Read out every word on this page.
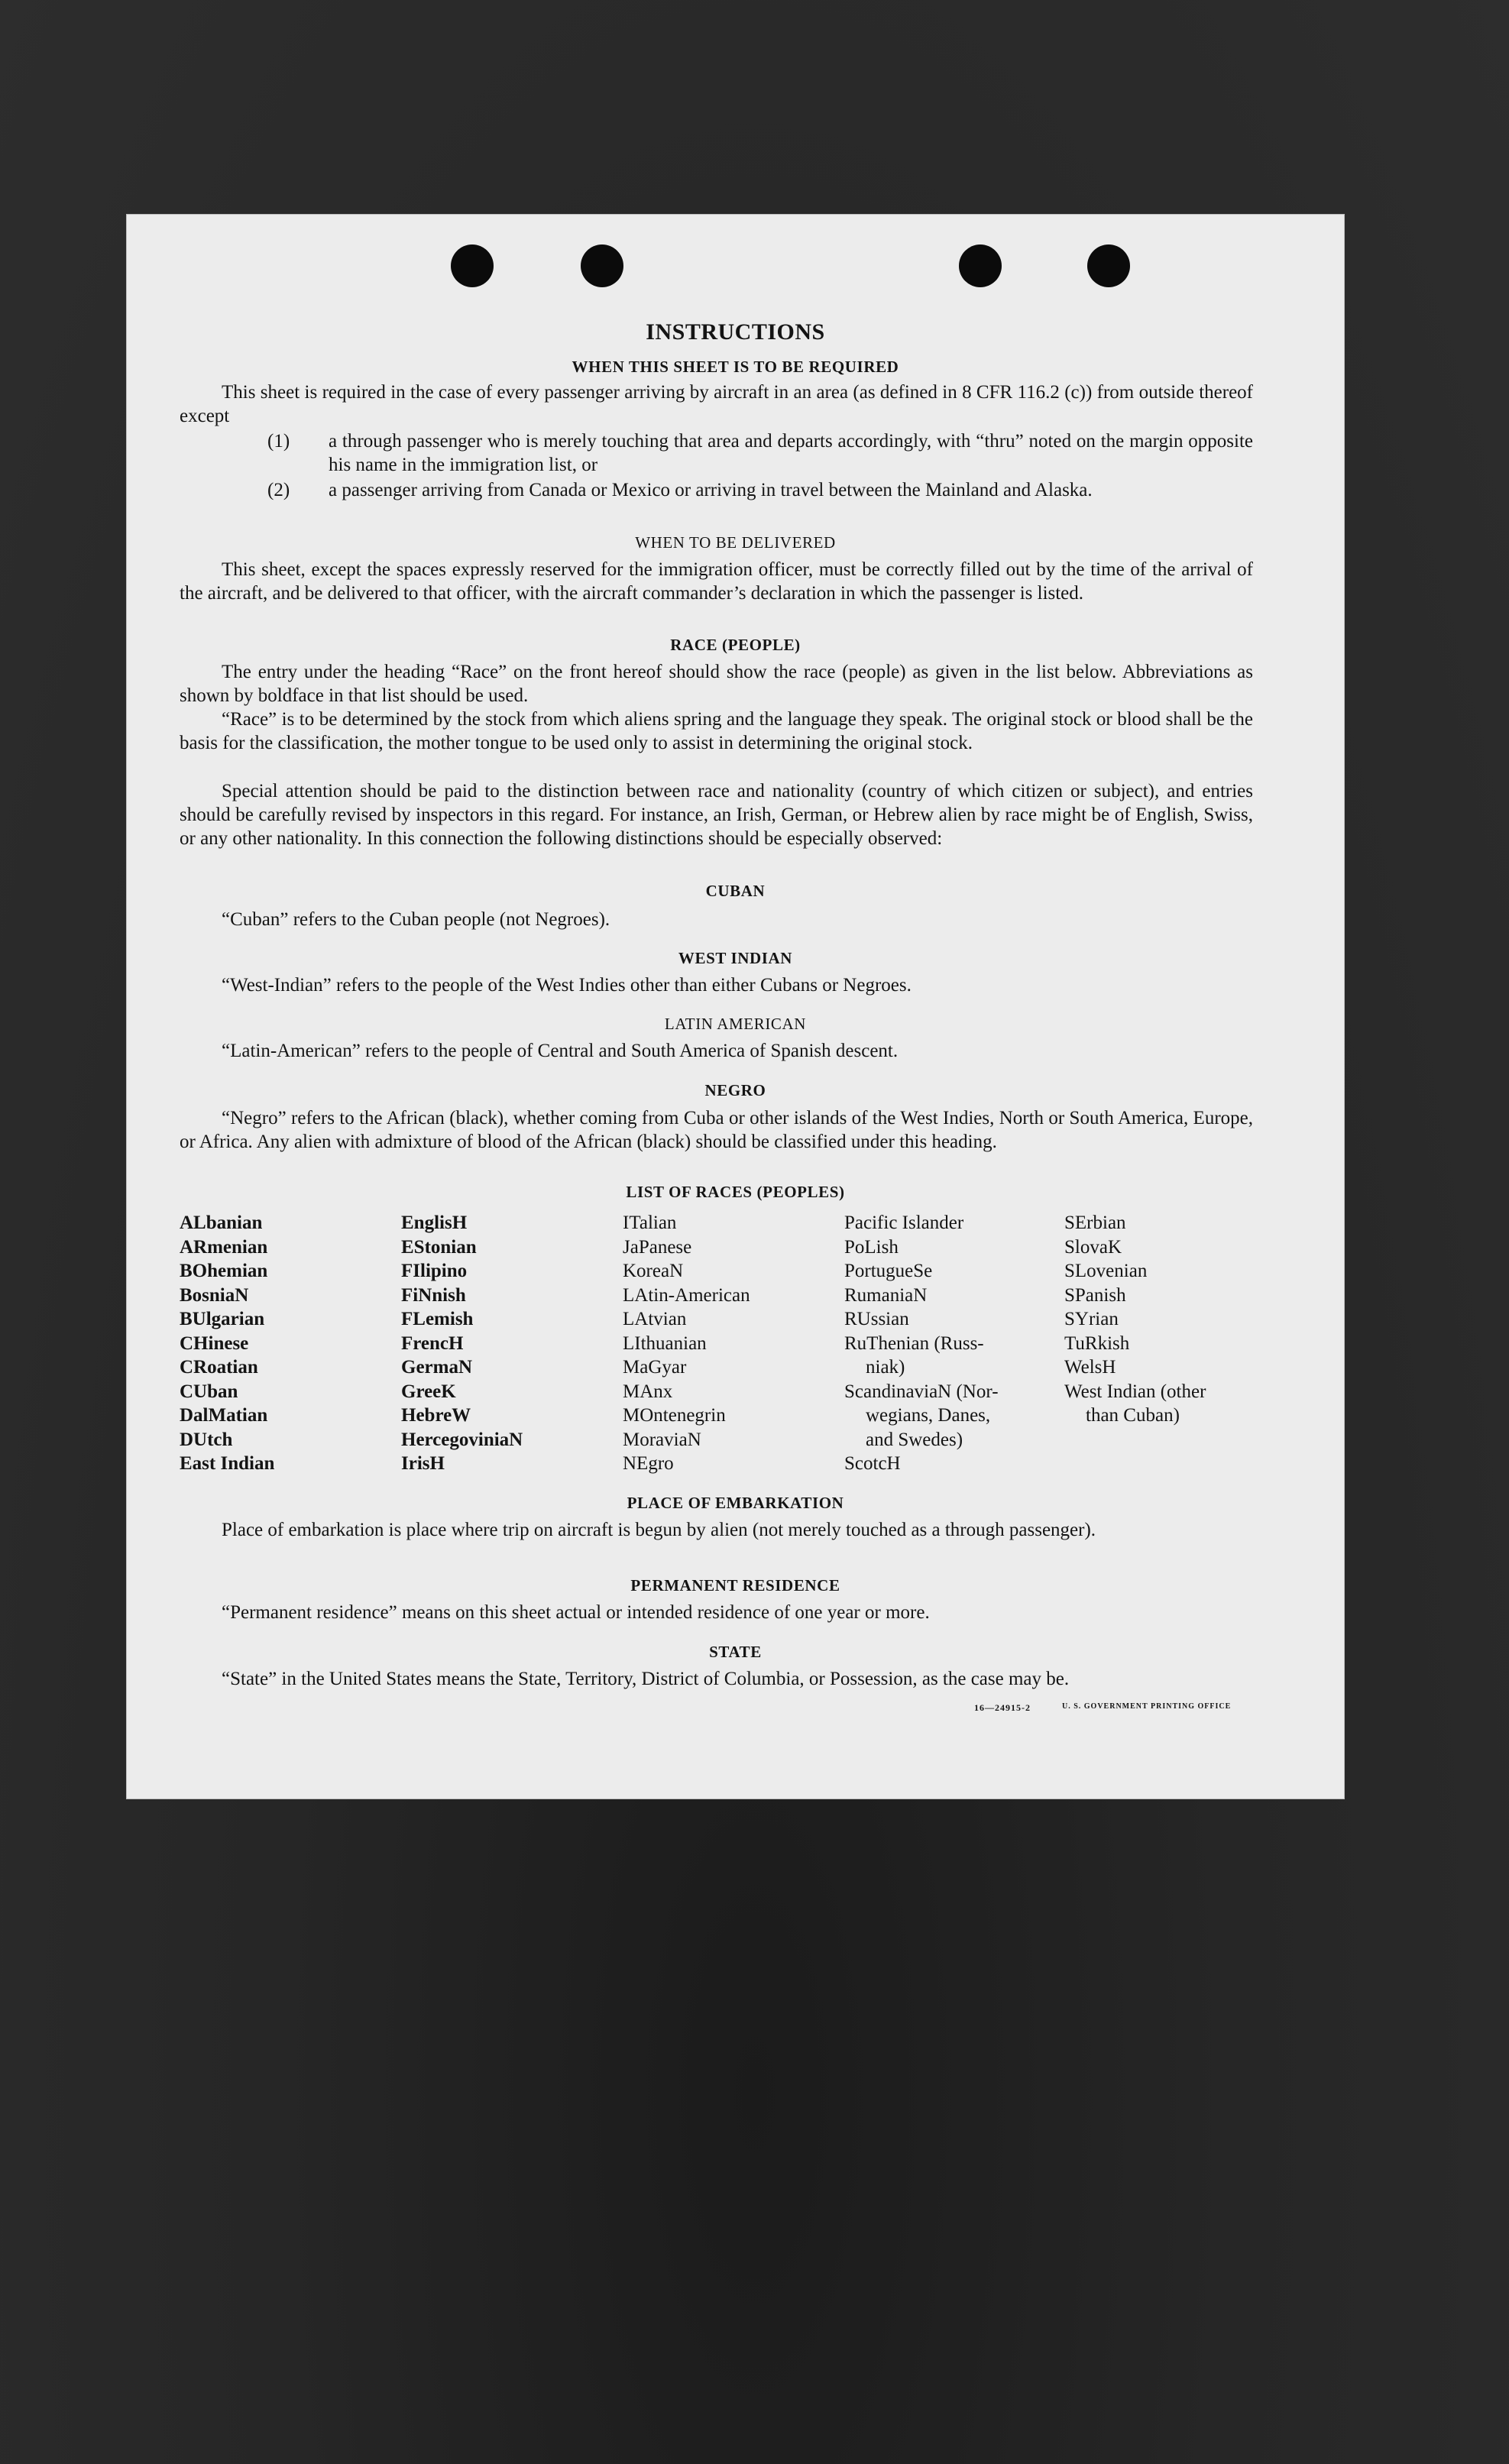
INSTRUCTIONS
WHEN THIS SHEET IS TO BE REQUIRED
This sheet is required in the case of every passenger arriving by aircraft in an area (as defined in 8 CFR 116.2 (c)) from outside thereof except
(1) a through passenger who is merely touching that area and departs accordingly, with “thru” noted on the margin opposite his name in the immigration list, or
(2) a passenger arriving from Canada or Mexico or arriving in travel between the Mainland and Alaska.
WHEN TO BE DELIVERED
This sheet, except the spaces expressly reserved for the immigration officer, must be correctly filled out by the time of the arrival of the aircraft, and be delivered to that officer, with the aircraft commander’s declaration in which the passenger is listed.
RACE (PEOPLE)
The entry under the heading “Race” on the front hereof should show the race (people) as given in the list below. Abbreviations as shown by boldface in that list should be used.
“Race” is to be determined by the stock from which aliens spring and the language they speak. The original stock or blood shall be the basis for the classification, the mother tongue to be used only to assist in determining the original stock.
Special attention should be paid to the distinction between race and nationality (country of which citizen or subject), and entries should be carefully revised by inspectors in this regard. For instance, an Irish, German, or Hebrew alien by race might be of English, Swiss, or any other nationality. In this connection the following distinctions should be especially observed:
CUBAN
“Cuban” refers to the Cuban people (not Negroes).
WEST INDIAN
“West-Indian” refers to the people of the West Indies other than either Cubans or Negroes.
LATIN AMERICAN
“Latin-American” refers to the people of Central and South America of Spanish descent.
NEGRO
“Negro” refers to the African (black), whether coming from Cuba or other islands of the West Indies, North or South America, Europe, or Africa. Any alien with admixture of blood of the African (black) should be classified under this heading.
LIST OF RACES (PEOPLES)
ALbanian
ARmenian
BOhemian
BosniaN
BUlgarian
CHinese
CRoatian
CUban
DalMatian
DUtch
East Indian
EnglisH
EStonian
FIlipino
FiNnish
FLemish
FrencH
GermaN
GreeK
HebreW
HercegoviniaN
IrisH
ITalian
JaPanese
KoreaN
LAtin-American
LAtvian
LIthuanian
MaGyar
MAnx
MOntenegrin
MoraviaN
NEgro
Pacific Islander
PoLish
PortugueSe
RumaniaN
RUssian
RuThenian (Russ-
niak)
ScandinaviaN (Nor-
wegians, Danes,
and Swedes)
ScotcH
SErbian
SlovaK
SLovenian
SPanish
SYrian
TuRkish
WelsH
West Indian (other
than Cuban)
PLACE OF EMBARKATION
Place of embarkation is place where trip on aircraft is begun by alien (not merely touched as a through passenger).
PERMANENT RESIDENCE
“Permanent residence” means on this sheet actual or intended residence of one year or more.
STATE
“State” in the United States means the State, Territory, District of Columbia, or Possession, as the case may be.
16—24915-2	U. S. GOVERNMENT PRINTING OFFICE
